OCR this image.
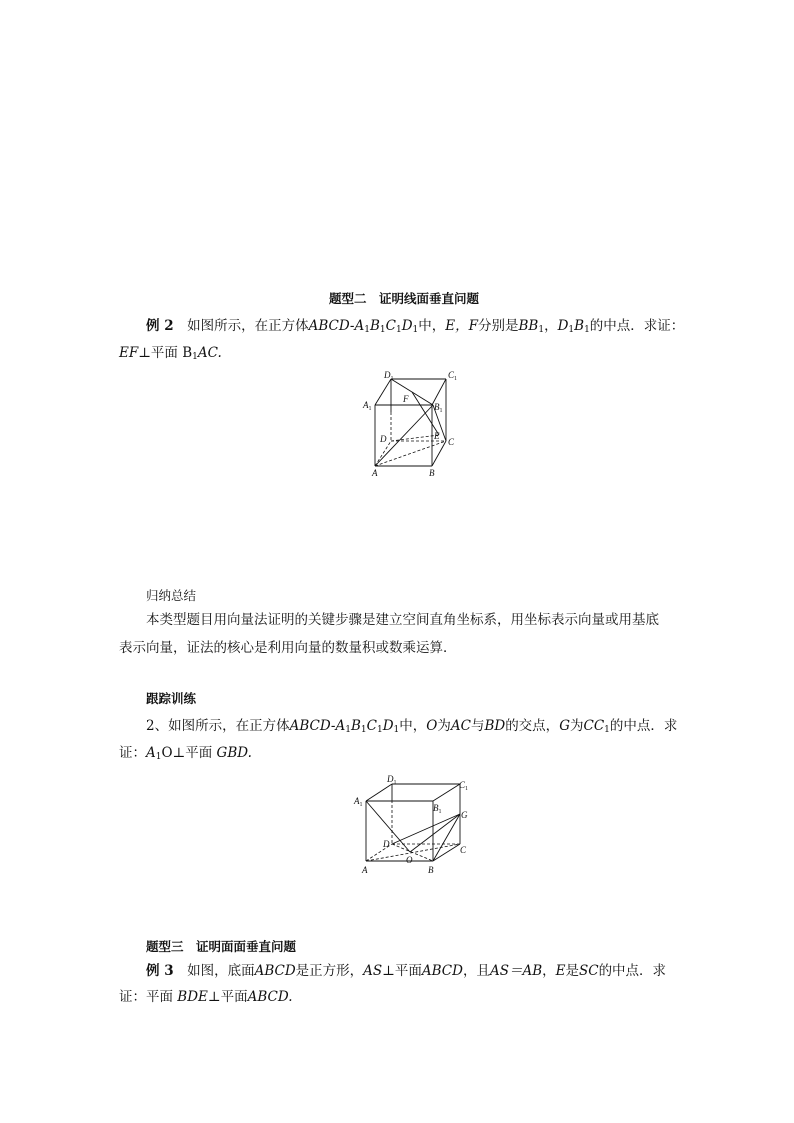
题型二　证明线面垂直问题
例 2　 如图所示，在正方体ABCD-$A_1B_1C_1D_1$中，E，F分别是$BB_1$，$D_1B_1$的中点．求证：
EF⊥平面 $B_1AC$.
$D_1$	$C_1$
$A_1$
F
$B_1$
D	E
C
A	B
归纳总结
本类型题目用向量法证明的关键步骤是建立空间直角坐标系，用坐标表示向量或用基底
表示向量，证法的核心是利用向量的数量积或数乘运算．
跟踪训练
2、如图所示，在正方体ABCD-$A_1B_1C_1D_1$中，O为AC与BD的交点，G为$CC_1$的中点．求
证：$A_1O\perp$平面 GBD.
$D_1$	$C_1$
$A_1$	$B_1$ G
D
O
C
A	B
题型三　证明面面垂直问题
例 3　 如图，底面ABCD是正方形，AS⊥平面ABCD，且AS＝AB，E是SC的中点．求
证：平面 BDE⊥平面ABCD.
